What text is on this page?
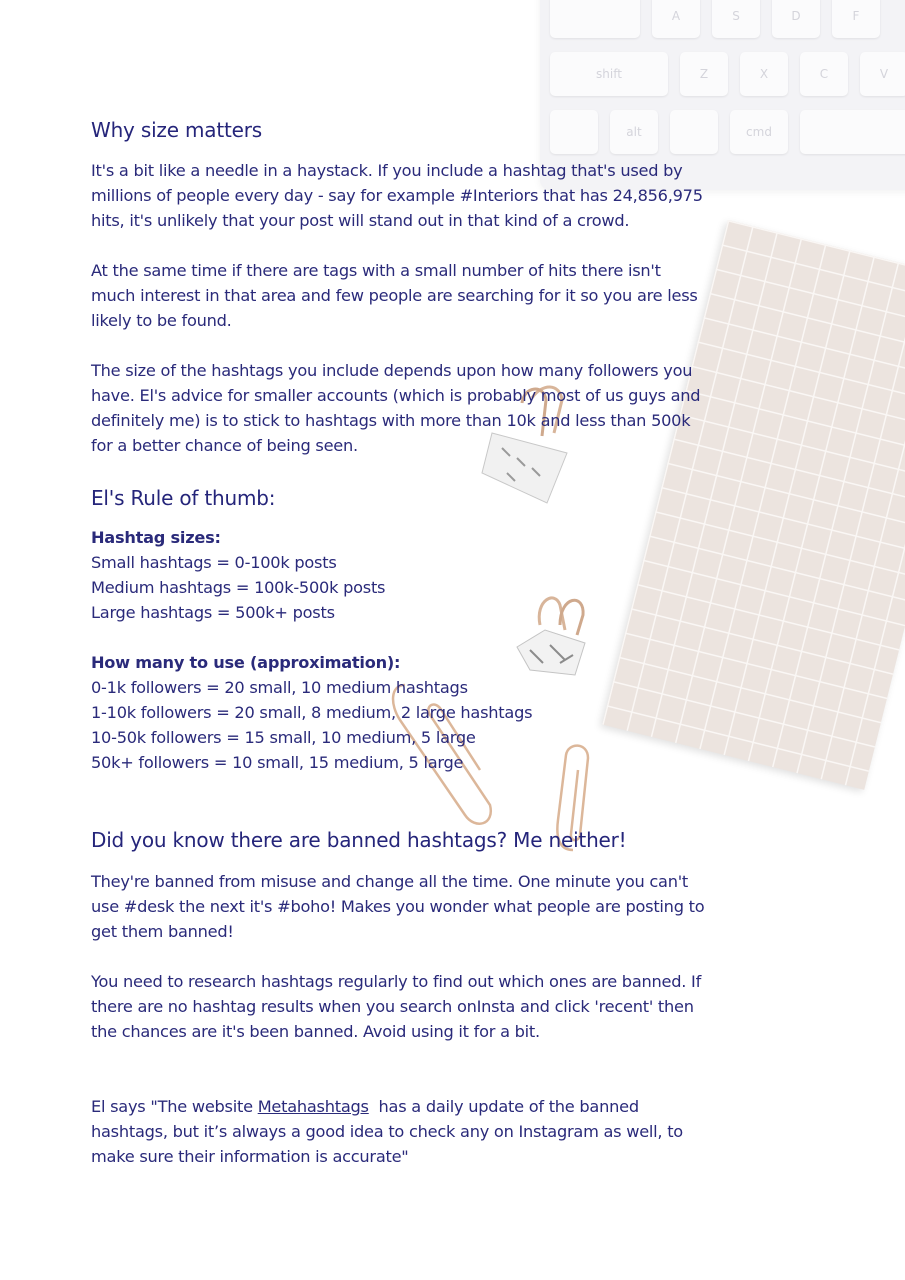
A	S	D	F
shift	Z	X	C	V
alt	cmd
Why size matters
It's a bit like a needle in a haystack. If you include a hashtag that's used by
millions of people every day - say for example #Interiors that has 24,856,975
hits, it's unlikely that your post will stand out in that kind of a crowd.
At the same time if there are tags with a small number of hits there isn't
much interest in that area and few people are searching for it so you are less
likely to be found.
The size of the hashtags you include depends upon how many followers you
have. El's advice for smaller accounts (which is probably most of us guys and
definitely me) is to stick to hashtags with more than 10k and less than 500k
for a better chance of being seen.
El's Rule of thumb:
Hashtag sizes:
Small hashtags = 0-100k posts
Medium hashtags = 100k-500k posts
Large hashtags = 500k+ posts
How many to use (approximation):
0-1k followers = 20 small, 10 medium hashtags
1-10k followers = 20 small, 8 medium, 2 large hashtags
10-50k followers = 15 small, 10 medium, 5 large
50k+ followers = 10 small, 15 medium, 5 large
Did you know there are banned hashtags? Me neither!
They're banned from misuse and change all the time. One minute you can't
use #desk the next it's #boho! Makes you wonder what people are posting to
get them banned!
You need to research hashtags regularly to find out which ones are banned. If
there are no hashtag results when you search onInsta and click 'recent' then
the chances are it's been banned. Avoid using it for a bit.
El says "The website Metahashtags  has a daily update of the banned
hashtags, but it’s always a good idea to check any on Instagram as well, to
make sure their information is accurate"
